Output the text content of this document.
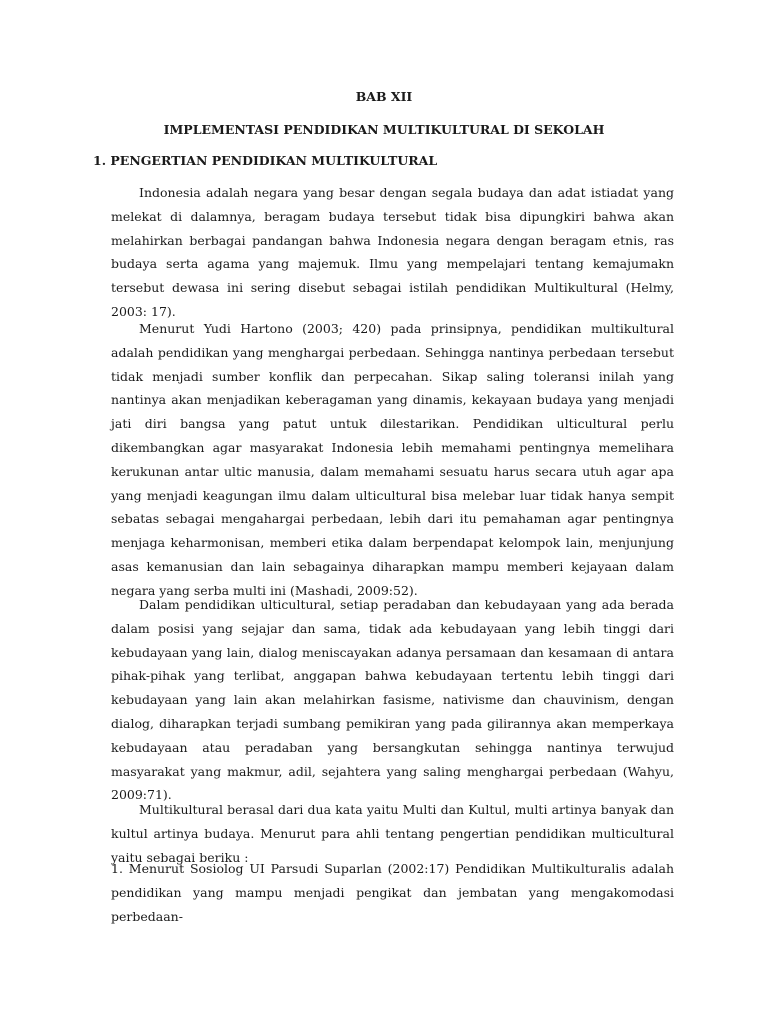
BAB XII

IMPLEMENTASI PENDIDIKAN MULTIKULTURAL DI SEKOLAH

1. PENGERTIAN PENDIDIKAN MULTIKULTURAL

Indonesia adalah negara yang besar dengan segala budaya dan adat istiadat yang melekat di dalamnya, beragam budaya tersebut tidak bisa dipungkiri bahwa akan melahirkan berbagai pandangan bahwa Indonesia negara dengan beragam etnis, ras budaya serta agama yang majemuk. Ilmu yang mempelajari tentang kemajumakn tersebut dewasa ini sering disebut sebagai istilah pendidikan Multikultural (Helmy, 2003: 17).

Menurut Yudi Hartono (2003; 420) pada prinsipnya, pendidikan multikultural adalah pendidikan yang menghargai perbedaan. Sehingga nantinya perbedaan tersebut tidak menjadi sumber konflik dan perpecahan. Sikap saling toleransi inilah yang nantinya akan menjadikan keberagaman yang dinamis, kekayaan budaya yang menjadi jati diri bangsa yang patut untuk dilestarikan. Pendidikan ulticultural perlu dikembangkan agar masyarakat Indonesia lebih memahami pentingnya memelihara kerukunan antar ultic manusia, dalam memahami sesuatu harus secara utuh agar apa yang menjadi keagungan ilmu dalam ulticultural bisa melebar luar tidak hanya sempit sebatas sebagai mengahargai perbedaan, lebih dari itu pemahaman agar pentingnya menjaga keharmonisan, memberi etika dalam berpendapat kelompok lain, menjunjung asas kemanusian dan lain sebagainya diharapkan mampu memberi kejayaan dalam negara yang serba multi ini (Mashadi, 2009:52).

Dalam pendidikan ulticultural, setiap peradaban dan kebudayaan yang ada berada dalam posisi yang sejajar dan sama, tidak ada kebudayaan yang lebih tinggi dari kebudayaan yang lain, dialog meniscayakan adanya persamaan dan kesamaan di antara pihak-pihak yang terlibat, anggapan bahwa kebudayaan tertentu lebih tinggi dari kebudayaan yang lain akan melahirkan fasisme, nativisme dan chauvinism, dengan dialog, diharapkan terjadi sumbang pemikiran yang pada gilirannya akan memperkaya kebudayaan atau peradaban yang bersangkutan sehingga nantinya terwujud masyarakat yang makmur, adil, sejahtera yang saling menghargai perbedaan (Wahyu, 2009:71).

Multikultural berasal dari dua kata yaitu Multi dan Kultul, multi artinya banyak dan kultul artinya budaya. Menurut para ahli tentang pengertian pendidikan multicultural yaitu sebagai beriku :

1. Menurut Sosiolog UI Parsudi Suparlan (2002:17) Pendidikan Multikulturalis adalah pendidikan yang mampu menjadi pengikat dan jembatan yang mengakomodasi perbedaan-
